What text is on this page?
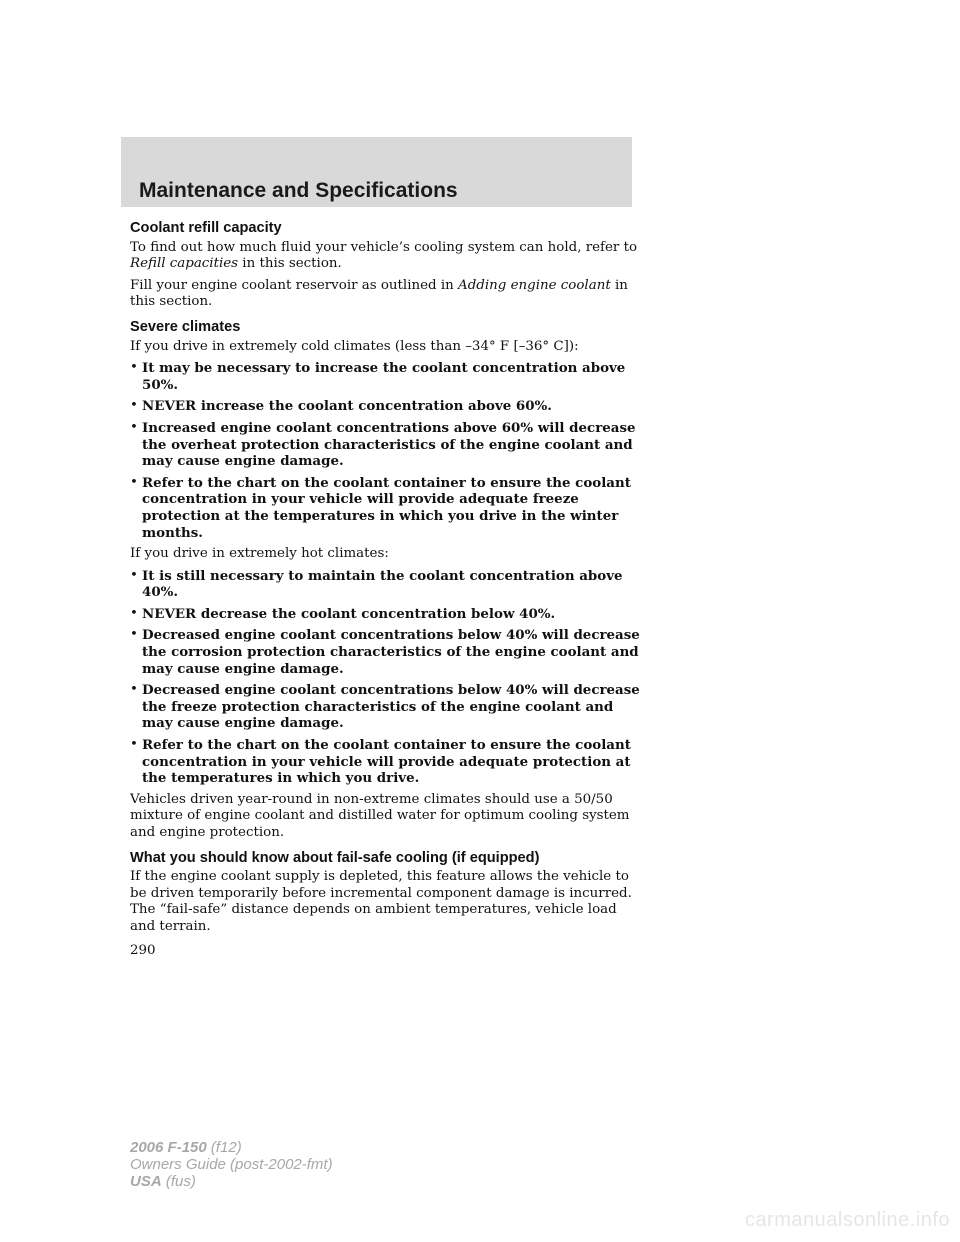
Maintenance and Specifications
Coolant refill capacity

To find out how much fluid your vehicle’s cooling system can hold, refer to Refill capacities in this section.

Fill your engine coolant reservoir as outlined in Adding engine coolant in this section.

Severe climates

If you drive in extremely cold climates (less than –34° F [–36° C]):

• It may be necessary to increase the coolant concentration above 50%.
• NEVER increase the coolant concentration above 60%.
• Increased engine coolant concentrations above 60% will decrease the overheat protection characteristics of the engine coolant and may cause engine damage.
• Refer to the chart on the coolant container to ensure the coolant concentration in your vehicle will provide adequate freeze protection at the temperatures in which you drive in the winter months.

If you drive in extremely hot climates:

• It is still necessary to maintain the coolant concentration above 40%.
• NEVER decrease the coolant concentration below 40%.
• Decreased engine coolant concentrations below 40% will decrease the corrosion protection characteristics of the engine coolant and may cause engine damage.
• Decreased engine coolant concentrations below 40% will decrease the freeze protection characteristics of the engine coolant and may cause engine damage.
• Refer to the chart on the coolant container to ensure the coolant concentration in your vehicle will provide adequate protection at the temperatures in which you drive.

Vehicles driven year-round in non-extreme climates should use a 50/50 mixture of engine coolant and distilled water for optimum cooling system and engine protection.

What you should know about fail-safe cooling (if equipped)

If the engine coolant supply is depleted, this feature allows the vehicle to be driven temporarily before incremental component damage is incurred. The “fail-safe” distance depends on ambient temperatures, vehicle load and terrain.

290

2006 F-150 (f12)
Owners Guide (post-2002-fmt)
USA (fus)
carmanualsonline.info
